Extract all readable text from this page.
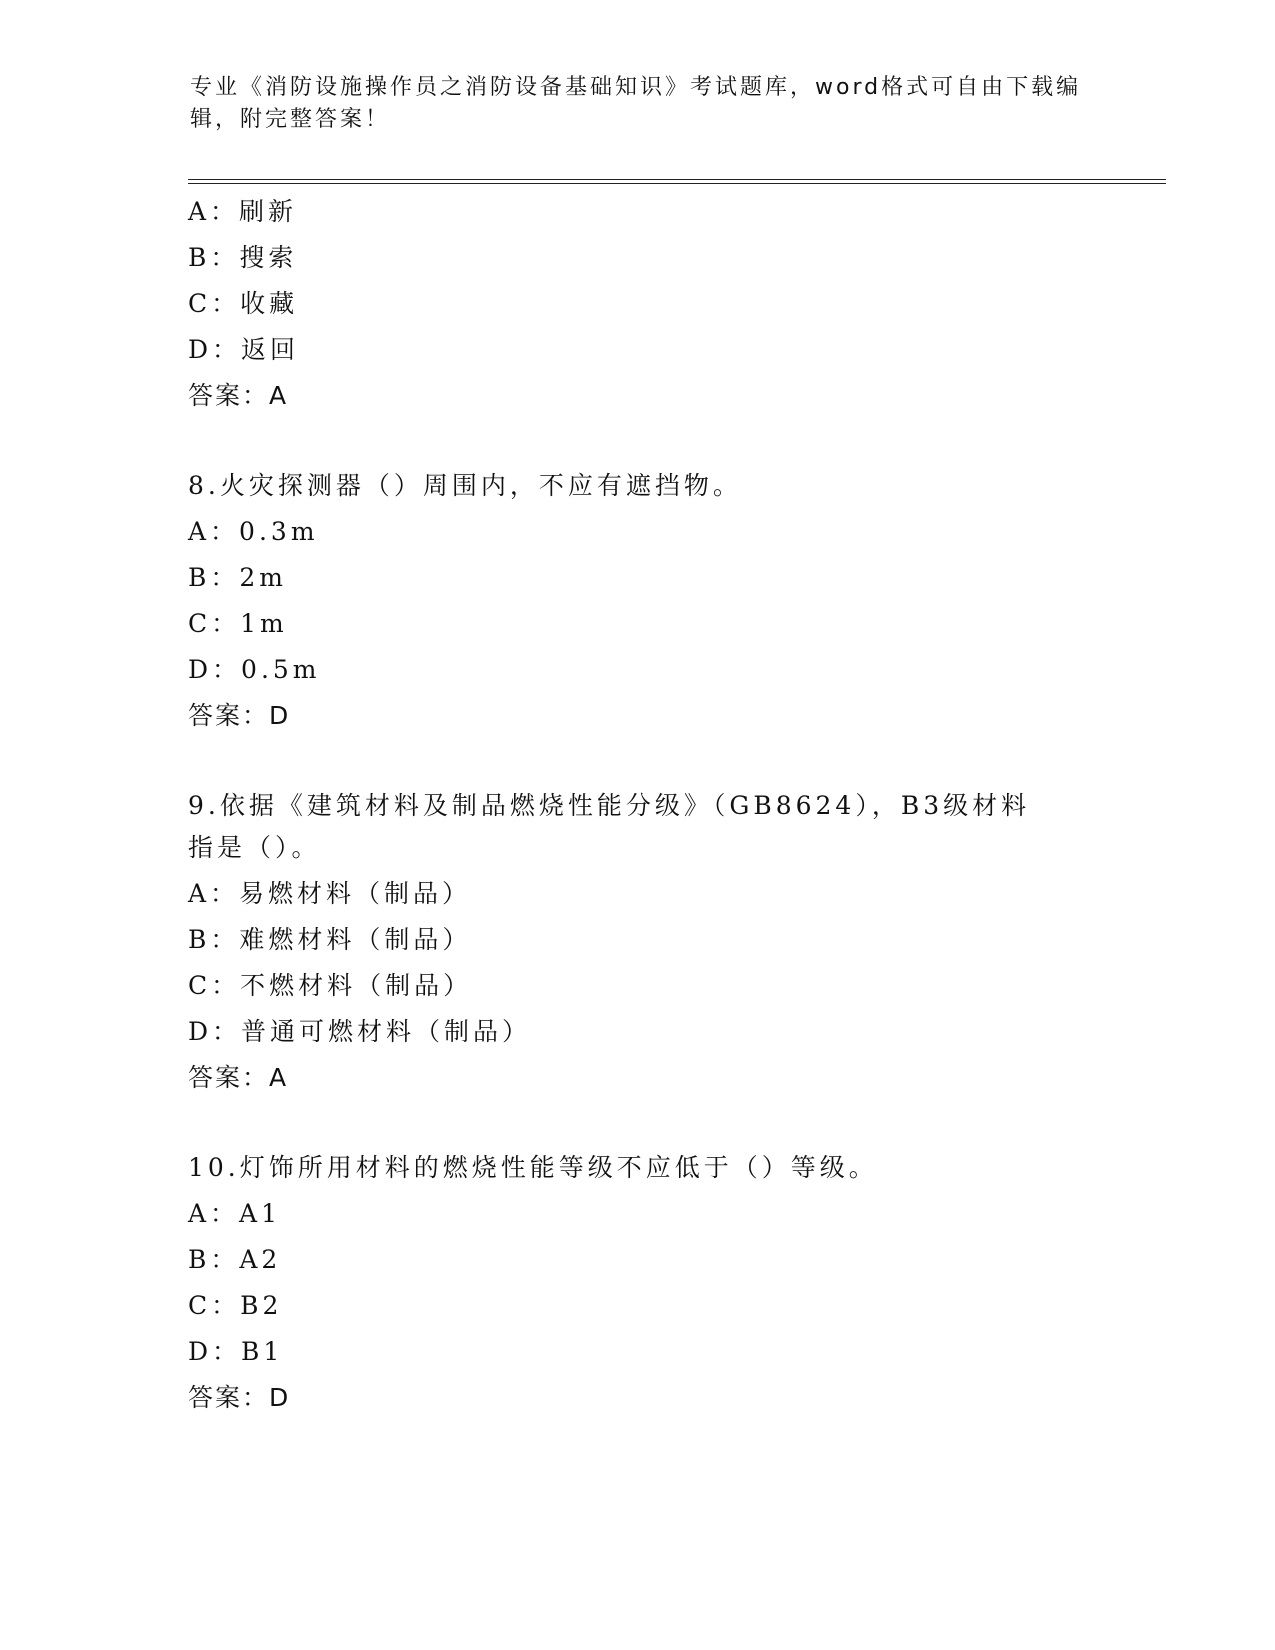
专业《消防设施操作员之消防设备基础知识》考试题库，word格式可自由下载编辑，附完整答案！
A：刷新
B：搜索
C：收藏
D：返回
答案：A
8.火灾探测器（）周围内，不应有遮挡物。
A：0.3m
B：2m
C：1m
D：0.5m
答案：D
9.依据《建筑材料及制品燃烧性能分级》（GB8624），B3级材料指是（）。
A：易燃材料（制品）
B：难燃材料（制品）
C：不燃材料（制品）
D：普通可燃材料（制品）
答案：A
10.灯饰所用材料的燃烧性能等级不应低于（）等级。
A：A1
B：A2
C：B2
D：B1
答案：D
